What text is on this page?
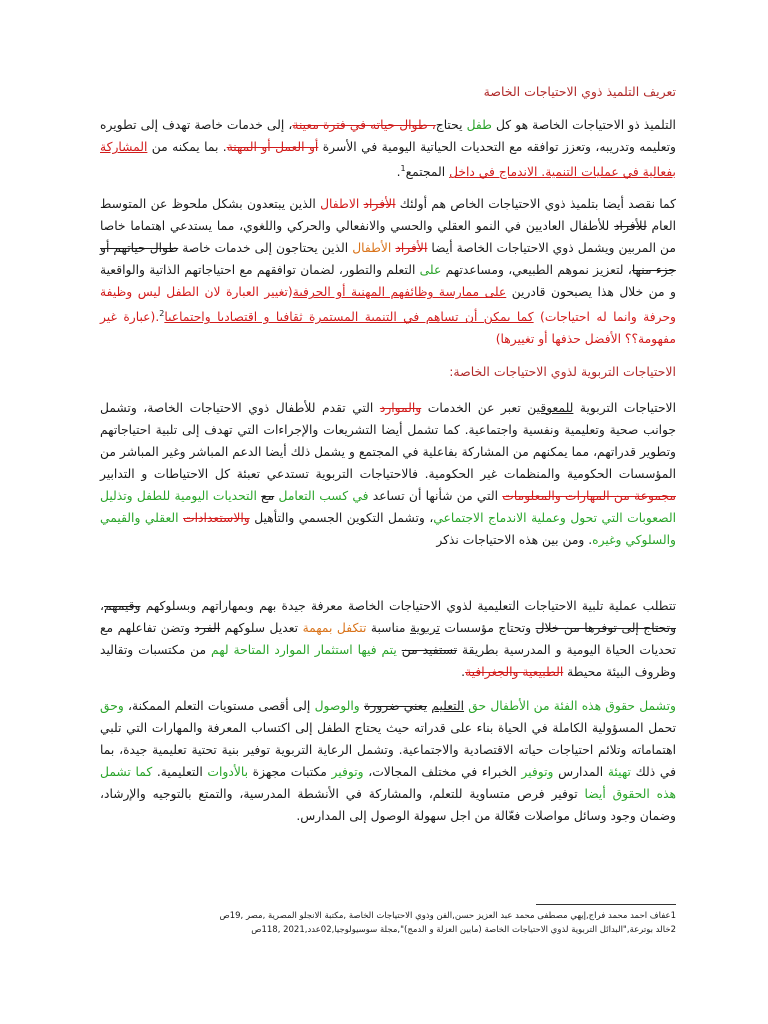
تعريف التلميذ ذوي الاحتياجات الخاصة

التلميذ ذو الاحتياجات الخاصة هو كل طفل يحتاج، طوال حياته في فترة معينة، إلى خدمات خاصة تهدف إلى تطويره وتعليمه وتدريبه، وتعزز توافقه مع التحديات الحياتية اليومية في الأسرة أو العمل أو المهنة. بما يمكنه من المشاركة بفعالية في عمليات التنمية. الاندماج في داخل المجتمع$^1$.

كما نقصد أيضا بتلميذ ذوي الاحتياجات الخاص هم أولئك الأفراد الاطفال الذين يبتعدون بشكل ملحوظ عن المتوسط العام للأفراد للأطفال العاديين في النمو العقلي والحسي والانفعالي والحركي واللغوي، مما يستدعي اهتماما خاصا من المربين ويشمل ذوي الاحتياجات الخاصة أيضا الأفراد الأطفال الذين يحتاجون إلى خدمات خاصة طوال حياتهم أو جزء منها، لتعزيز نموهم الطبيعي، ومساعدتهم على التعلم والتطور، لضمان توافقهم مع احتياجاتهم الذاتية والواقعية و من خلال هذا يصبحون قادرين على ممارسة وظائفهم المهنية أو الحرفية(تغيير العبارة لان الطفل ليس وظيفة وحرفة وانما له احتياجات) كما يمكن أن تساهم في التنمية المستمرة ثقافيا و اقتصاديا واجتماعيا$^2$.(عبارة غير مفهومة؟؟ الأفضل حذفها أو تغييرها)

الاحتياجات التربوية لذوي الاحتياجات الخاصة:

الاحتياجات التربوية للمعوقين تعبر عن الخدمات والموارد التي تقدم للأطفال ذوي الاحتياجات الخاصة، وتشمل جوانب صحية وتعليمية ونفسية واجتماعية. كما تشمل أيضا التشريعات والإجراءات التي تهدف إلى تلبية احتياجاتهم وتطوير قدراتهم، مما يمكنهم من المشاركة بفاعلية في المجتمع و يشمل ذلك أيضا الدعم المباشر وغير المباشر من المؤسسات الحكومية والمنظمات غير الحكومية. فالاحتياجات التربوية تستدعي تعبئة كل الاحتياطات و التدابير مجموعة من المهارات والمعلومات التي من شأنها أن تساعد في كسب التعامل مع التحديات اليومية للطفل وتذليل الصعوبات التي تحول وعملية الاندماج الاجتماعي، وتشمل التكوين الجسمي والتأهيل والاستعدادات العقلي والقيمي والسلوكي وغيره. ومن بين هذه الاحتياجات نذكر

تتطلب عملية تلبية الاحتياجات التعليمية لذوي الاحتياجات الخاصة معرفة جيدة بهم وبمهاراتهم وبسلوكهم وقيمهم، وتحتاج إلى توفرها من خلال وتحتاج مؤسسات تربوية مناسبة تتكفل بمهمة تعديل سلوكهم الفرد وتضن تفاعلهم مع تحديات الحياة اليومية و المدرسية بطريقة تستفيد من يتم فيها استثمار الموارد المتاحة لهم من مكتسبات وتقاليد وظروف البيئة محيطة الطبيعية والجغرافية.

وتشمل حقوق هذه الفئة من الأطفال حق التعليم يعني ضرورة والوصول إلى أقصى مستويات التعلم الممكنة، وحق تحمل المسؤولية الكاملة في الحياة بناء على قدراته حيث يحتاج الطفل إلى اكتساب المعرفة والمهارات التي تلبي اهتماماته وتلائم احتياجات حياته الاقتصادية والاجتماعية. وتشمل الرعاية التربوية توفير بنية تحتية تعليمية جيدة، بما في ذلك تهيئة المدارس وتوفير الخبراء في مختلف المجالات، وتوفير مكتبات مجهزة بالأدوات التعليمية. كما تشمل هذه الحقوق أيضا توفير فرص متساوية للتعلم، والمشاركة في الأنشطة المدرسية، والتمتع بالتوجيه والإرشاد، وضمان وجود وسائل مواصلات فعّالة من اجل سهولة الوصول إلى المدارس.

1عفاف احمد محمد فراج,إيهي مصطفى محمد عبد العزيز حسن,الفن وذوي الاحتياجات الخاصة ,مكتبة الانجلو المصرية ,مصر ,19ص

2خالد بوترعة,"البدائل التربوية لذوي الاحتياجات الخاصة (مابين العزلة و الدمج)",مجلة سوسيولوجيا,02عدد,2021 ,118ص
